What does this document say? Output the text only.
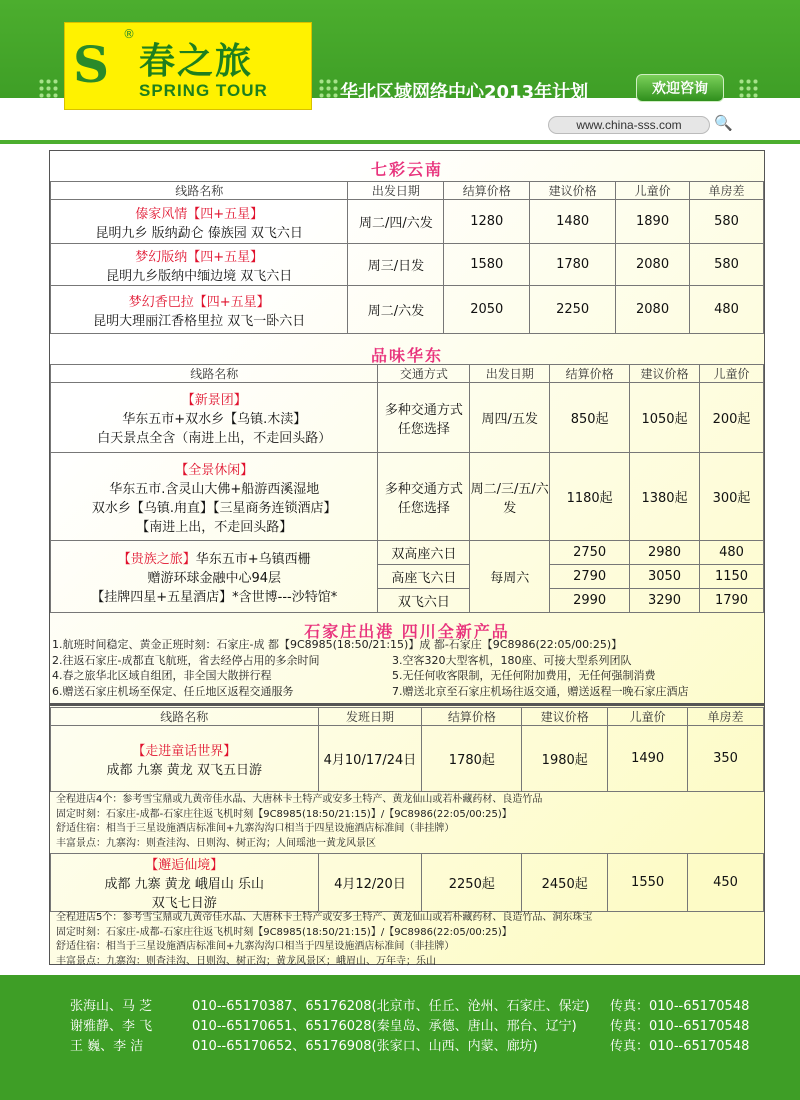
S
®
春之旅
SPRING TOUR	华北区域网络中心2013年计划	欢迎咨询
www.china-sss.com	🔍
七彩云南
线路名称	出发日期	结算价格	建议价格	儿童价	单房差

傣家风情【四+五星】
昆明九乡 版纳勐仑 傣族园 双飞六日	周二/四/六发	1280	1480	1890	580

梦幻版纳【四+五星】
昆明九乡版纳中缅边境 双飞六日	周三/日发	1580	1780	2080	580

梦幻香巴拉【四+五星】
昆明大理丽江香格里拉 双飞一卧六日	周二/六发	2050	2250	2080	480
品味华东
线路名称	交通方式	出发日期	结算价格	建议价格	儿童价

【新景团】
华东五市+双水乡【乌镇.木渎】
白天景点全含（南进上出，不走回头路）	多种交通方式任您选择	周四/五发	850起	1050起	200起

【全景休闲】
华东五市.含灵山大佛+船游西溪湿地
双水乡【乌镇.甪直】【三星商务连锁酒店】
【南进上出，不走回头路】	多种交通方式任您选择	周二/三/五/六发	1180起	1380起	300起

【贵族之旅】华东五市+乌镇西栅
赠游环球金融中心94层
【挂牌四星+五星酒店】*含世博---沙特馆*	双高座六日	每周六	2750	2980	480
	高座飞六日		2790	3050	1150
	双飞六日		2990	3290	1790
石家庄出港 四川全新产品
1.航班时间稳定、黄金正班时刻：石家庄-成 都【9C8985(18:50/21:15)】成 都-石家庄【9C8986(22:05/00:25)】
2.往返石家庄-成都直飞航班，省去经停占用的多余时间	3.空客320大型客机，180座、可接大型系列团队
4.春之旅华北区域自组团，非全国大散拼行程	5.无任何收客限制，无任何附加费用，无任何强制消费
6.赠送石家庄机场至保定、任丘地区返程交通服务	7.赠送北京至石家庄机场往返交通，赠送返程一晚石家庄酒店
线路名称	发班日期	结算价格	建议价格	儿童价	单房差

【走进童话世界】
成都 九寨 黄龙 双飞五日游	4月10/17/24日	1780起	1980起	1490	350
全程进店4个：参考雪宝鼎或九黄帝佳水晶、大唐林卡土特产或安多土特产、黄龙仙山或若朴藏药材、良造竹品
固定时刻：石家庄-成都-石家庄往返飞机时刻【9C8985(18:50/21:15)】/【9C8986(22:05/00:25)】
舒适住宿：相当于三星设施酒店标准间+九寨沟沟口相当于四星设施酒店标准间（非挂牌）
丰富景点：九寨沟：则查洼沟、日则沟、树正沟；人间瑶池一黄龙风景区
【邂逅仙境】
成都 九寨 黄龙 峨眉山 乐山
双飞七日游
	4月12/20日	2250起	2450起	1550	450
全程进店5个：参考雪宝鼎或九黄帝佳水晶、大唐林卡土特产或安多土特产、黄龙仙山或若朴藏药材、良造竹品、洞东珠宝
固定时刻：石家庄-成都-石家庄往返飞机时刻【9C8985(18:50/21:15)】/【9C8986(22:05/00:25)】
舒适住宿：相当于三星设施酒店标准间+九寨沟沟口相当于四星设施酒店标准间（非挂牌）
丰富景点：九寨沟：则查洼沟、日则沟、树正沟；黄龙风景区；峨眉山、万年寺；乐山
张海山、马 芝	010--65170387、65176208(北京市、任丘、沧州、石家庄、保定) 传真：010--65170548
谢雅静、李 飞	010--65170651、65176028(秦皇岛、承德、唐山、邢台、辽宁)	传真：010--65170548
王 巍、李 洁	010--65170652、65176908(张家口、山西、内蒙、廊坊)	传真：010--65170548
